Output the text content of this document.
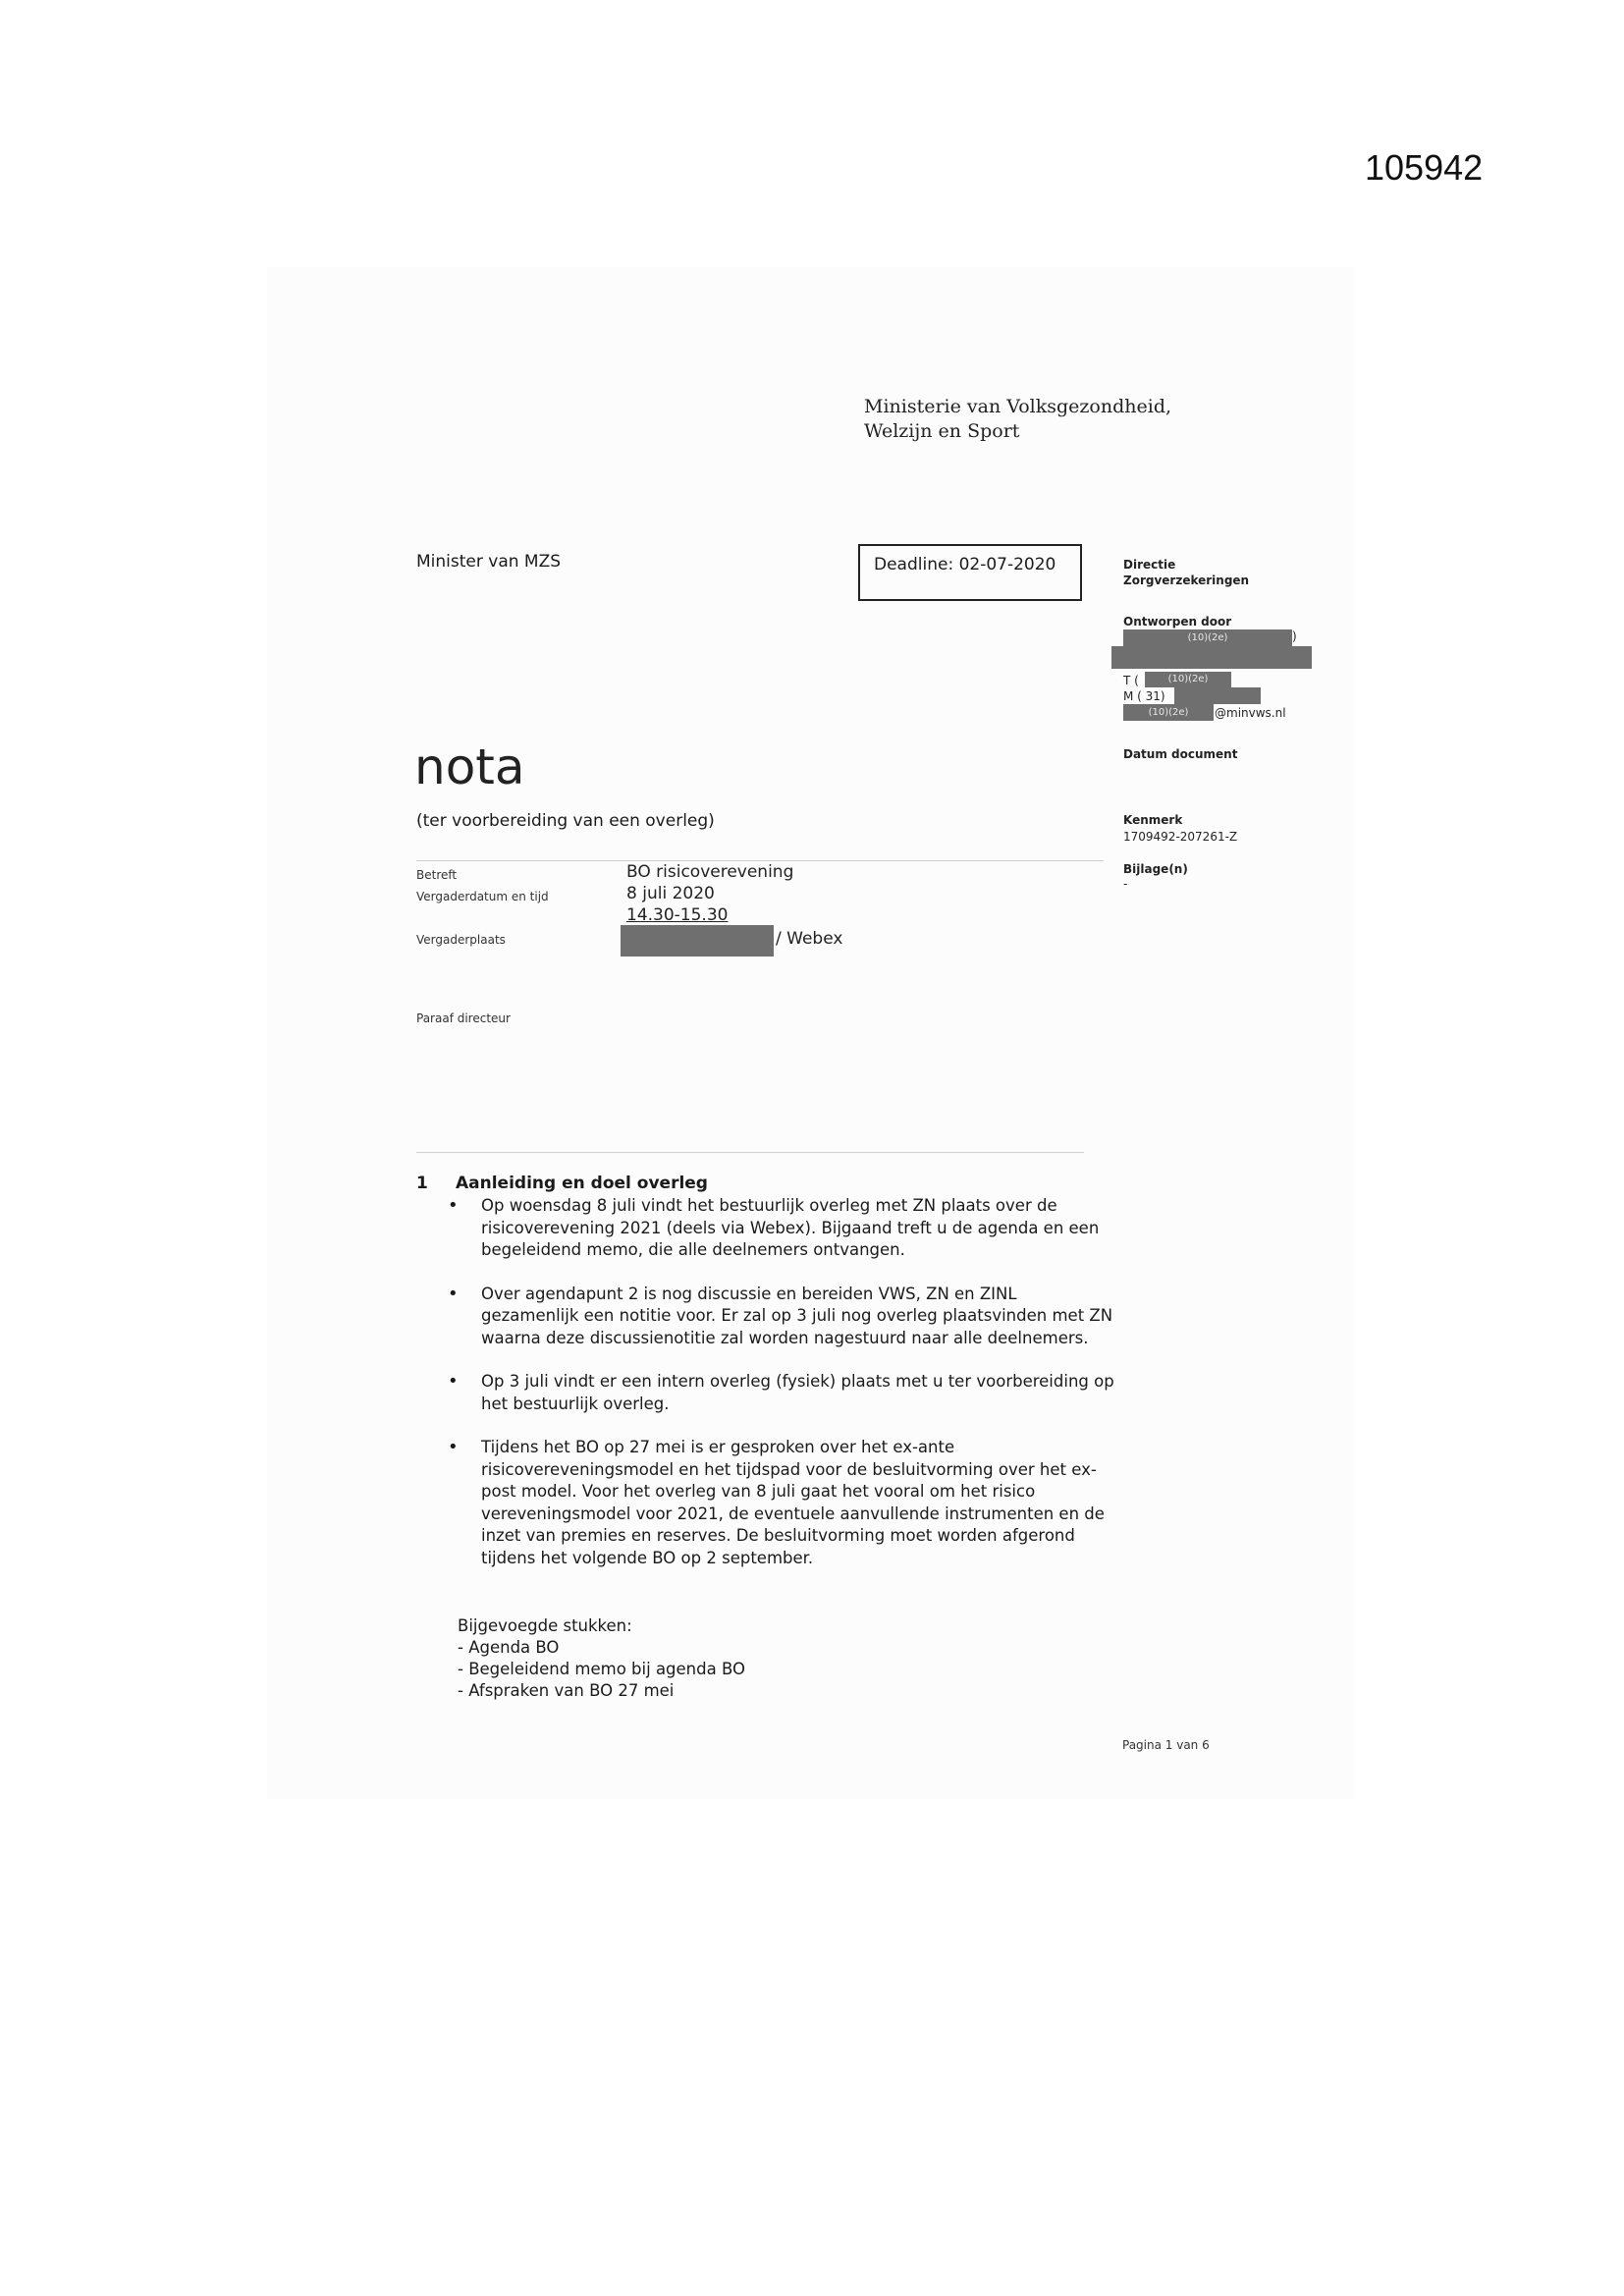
105942
Ministerie van Volksgezondheid,
Welzijn en Sport
Minister van MZS	Deadline: 02-07-2020	Directie
Zorgverzekeringen
Ontworpen door
(10)(2e)	)
T (	(10)(2e)
M ( 31)
(10)(2e)	@minvws.nl
Datum document
Kenmerk
1709492-207261-Z
Bijlage(n)
-
nota
(ter voorbereiding van een overleg)
Betreft	BO risicoverevening
Vergaderdatum en tijd	8 juli 2020
14.30-15.30
Vergaderplaats	/ Webex
Paraaf directeur
1 Aanleiding en doel overleg
• Op woensdag 8 juli vindt het bestuurlijk overleg met ZN plaats over de risicoverevening 2021 (deels via Webex). Bijgaand treft u de agenda en een begeleidend memo, die alle deelnemers ontvangen.
• Over agendapunt 2 is nog discussie en bereiden VWS, ZN en ZINL gezamenlijk een notitie voor. Er zal op 3 juli nog overleg plaatsvinden met ZN waarna deze discussienotitie zal worden nagestuurd naar alle deelnemers.
• Op 3 juli vindt er een intern overleg (fysiek) plaats met u ter voorbereiding op het bestuurlijk overleg.
• Tijdens het BO op 27 mei is er gesproken over het ex-ante risicovereveningsmodel en het tijdspad voor de besluitvorming over het ex-post model. Voor het overleg van 8 juli gaat het vooral om het risico vereveningsmodel voor 2021, de eventuele aanvullende instrumenten en de inzet van premies en reserves. De besluitvorming moet worden afgerond tijdens het volgende BO op 2 september.
Bijgevoegde stukken:
- Agenda BO
- Begeleidend memo bij agenda BO
- Afspraken van BO 27 mei
Pagina 1 van 6
